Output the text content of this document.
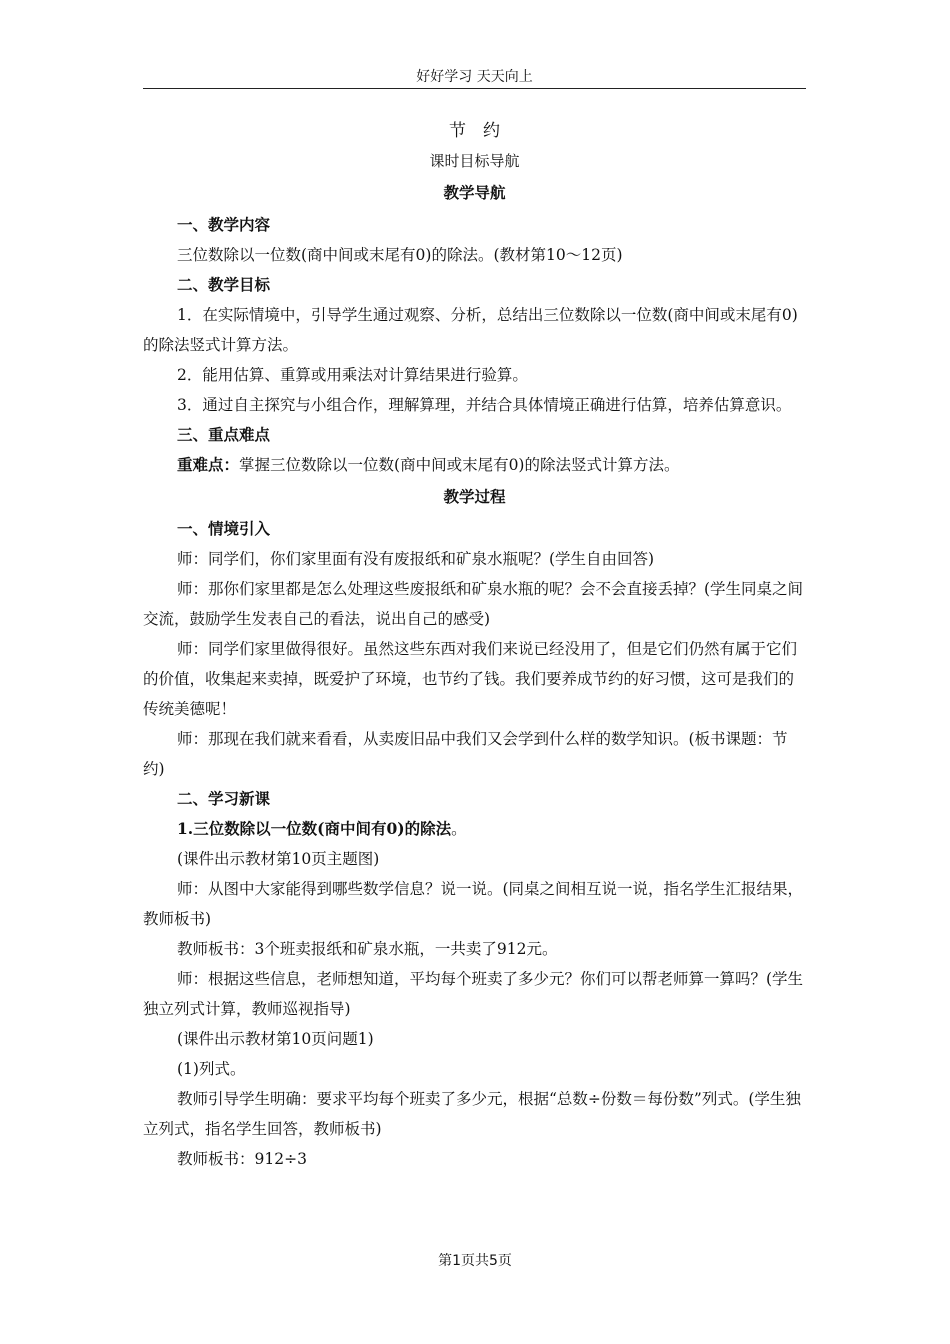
好好学习 天天向上
节　约
课时目标导航
教学导航
一、教学内容

三位数除以一位数(商中间或末尾有0)的除法。(教材第10～12页)

二、教学目标

1．在实际情境中，引导学生通过观察、分析，总结出三位数除以一位数(商中间或末尾有0)的除法竖式计算方法。

2．能用估算、重算或用乘法对计算结果进行验算。

3．通过自主探究与小组合作，理解算理，并结合具体情境正确进行估算，培养估算意识。

三、重点难点

重难点：掌握三位数除以一位数(商中间或末尾有0)的除法竖式计算方法。

教学过程
一、情境引入

师：同学们，你们家里面有没有废报纸和矿泉水瓶呢？(学生自由回答)

师：那你们家里都是怎么处理这些废报纸和矿泉水瓶的呢？会不会直接丢掉？(学生同桌之间交流，鼓励学生发表自己的看法，说出自己的感受)

师：同学们家里做得很好。虽然这些东西对我们来说已经没用了，但是它们仍然有属于它们的价值，收集起来卖掉，既爱护了环境，也节约了钱。我们要养成节约的好习惯，这可是我们的传统美德呢！

师：那现在我们就来看看，从卖废旧品中我们又会学到什么样的数学知识。(板书课题：节约)

二、学习新课

1.三位数除以一位数(商中间有0)的除法。

(课件出示教材第10页主题图)

师：从图中大家能得到哪些数学信息？说一说。(同桌之间相互说一说，指名学生汇报结果，教师板书)

教师板书：3个班卖报纸和矿泉水瓶，一共卖了912元。

师：根据这些信息，老师想知道，平均每个班卖了多少元？你们可以帮老师算一算吗？(学生独立列式计算，教师巡视指导)

(课件出示教材第10页问题1)

(1)列式。

教师引导学生明确：要求平均每个班卖了多少元，根据“总数÷份数＝每份数”列式。(学生独立列式，指名学生回答，教师板书)

教师板书：912÷3

第1页共5页
